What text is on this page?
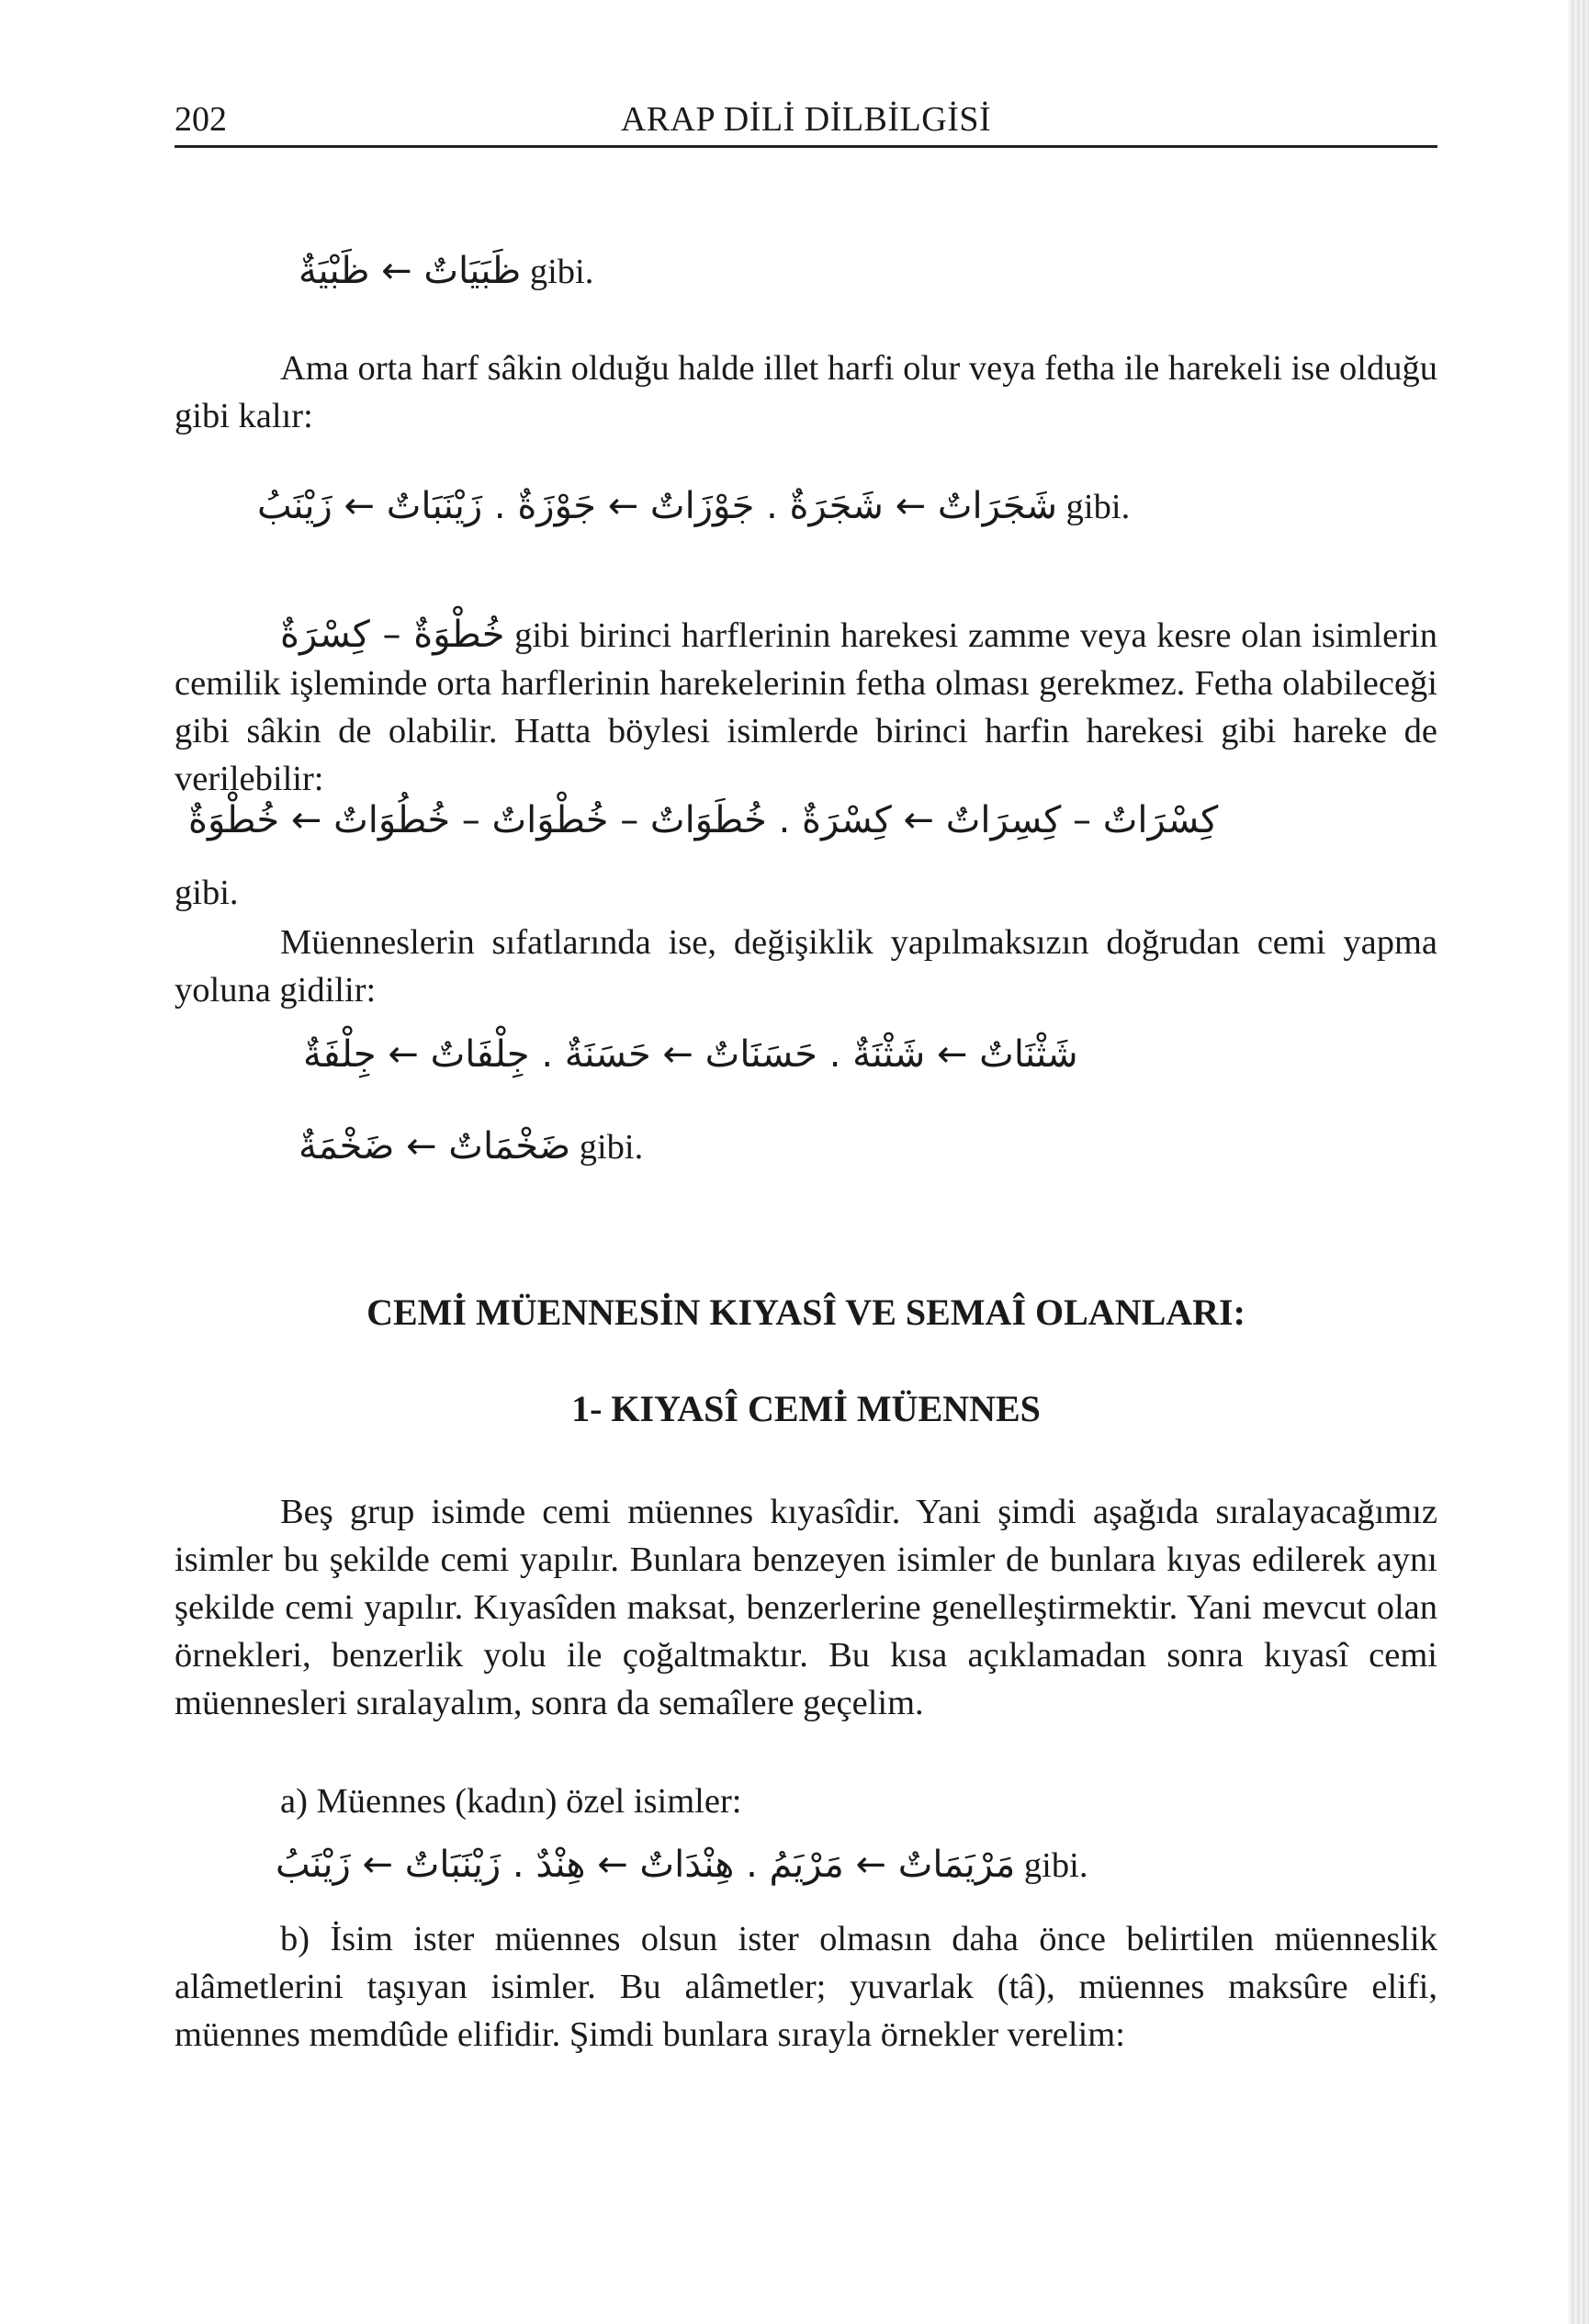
202	ARAP DİLİ DİLBİLGİSİ
ظَبَيَاتٌ ← ظَبْيَةٌ gibi.
Ama orta harf sâkin olduğu halde illet harfi olur veya fetha ile harekeli ise olduğu gibi kalır:
شَجَرَاتٌ ← شَجَرَةٌ . جَوْزَاتٌ ← جَوْزَةٌ . زَيْنَبَاتٌ ← زَيْنَبُ gibi.
خُطْوَةٌ – كِسْرَةٌ gibi birinci harflerinin harekesi zamme veya kesre olan isimlerin cemilik işleminde orta harflerinin harekelerinin fetha olması gerekmez. Fetha olabileceği gibi sâkin de olabilir. Hatta böylesi isimlerde birinci harfin harekesi gibi hareke de verilebilir:
كِسْرَاتٌ – كِسِرَاتٌ ← كِسْرَةٌ . خُطَوَاتٌ – خُطْوَاتٌ – خُطُوَاتٌ ← خُطْوَةٌ
gibi.
Müenneslerin sıfatlarında ise, değişiklik yapılmaksızın doğrudan cemi yapma yoluna gidilir:
شَثْنَاتٌ ← شَثْنَةٌ . حَسَنَاتٌ ← حَسَنَةٌ . جِلْفَاتٌ ← جِلْفَةٌ
ضَخْمَاتٌ ← ضَخْمَةٌ gibi.
CEMİ MÜENNESİN KIYASÎ VE SEMAÎ OLANLARI:
1- KIYASÎ CEMİ MÜENNES
Beş grup isimde cemi müennes kıyasîdir. Yani şimdi aşağıda sıralayacağımız isimler bu şekilde cemi yapılır. Bunlara benzeyen isimler de bunlara kıyas edilerek aynı şekilde cemi yapılır. Kıyasîden maksat, benzerlerine genelleştirmektir. Yani mevcut olan örnekleri, benzerlik yolu ile çoğaltmaktır. Bu kısa açıklamadan sonra kıyasî cemi müennesleri sıralayalım, sonra da semaîlere geçelim.
a) Müennes (kadın) özel isimler:
مَرْيَمَاتٌ ← مَرْيَمُ . هِنْدَاتٌ ← هِنْدٌ . زَيْنَبَاتٌ ← زَيْنَبُ gibi.
b) İsim ister müennes olsun ister olmasın daha önce belirtilen müenneslik alâmetlerini taşıyan isimler. Bu alâmetler; yuvarlak (tâ), müennes maksûre elifi, müennes memdûde elifidir. Şimdi bunlara sırayla örnekler verelim:
